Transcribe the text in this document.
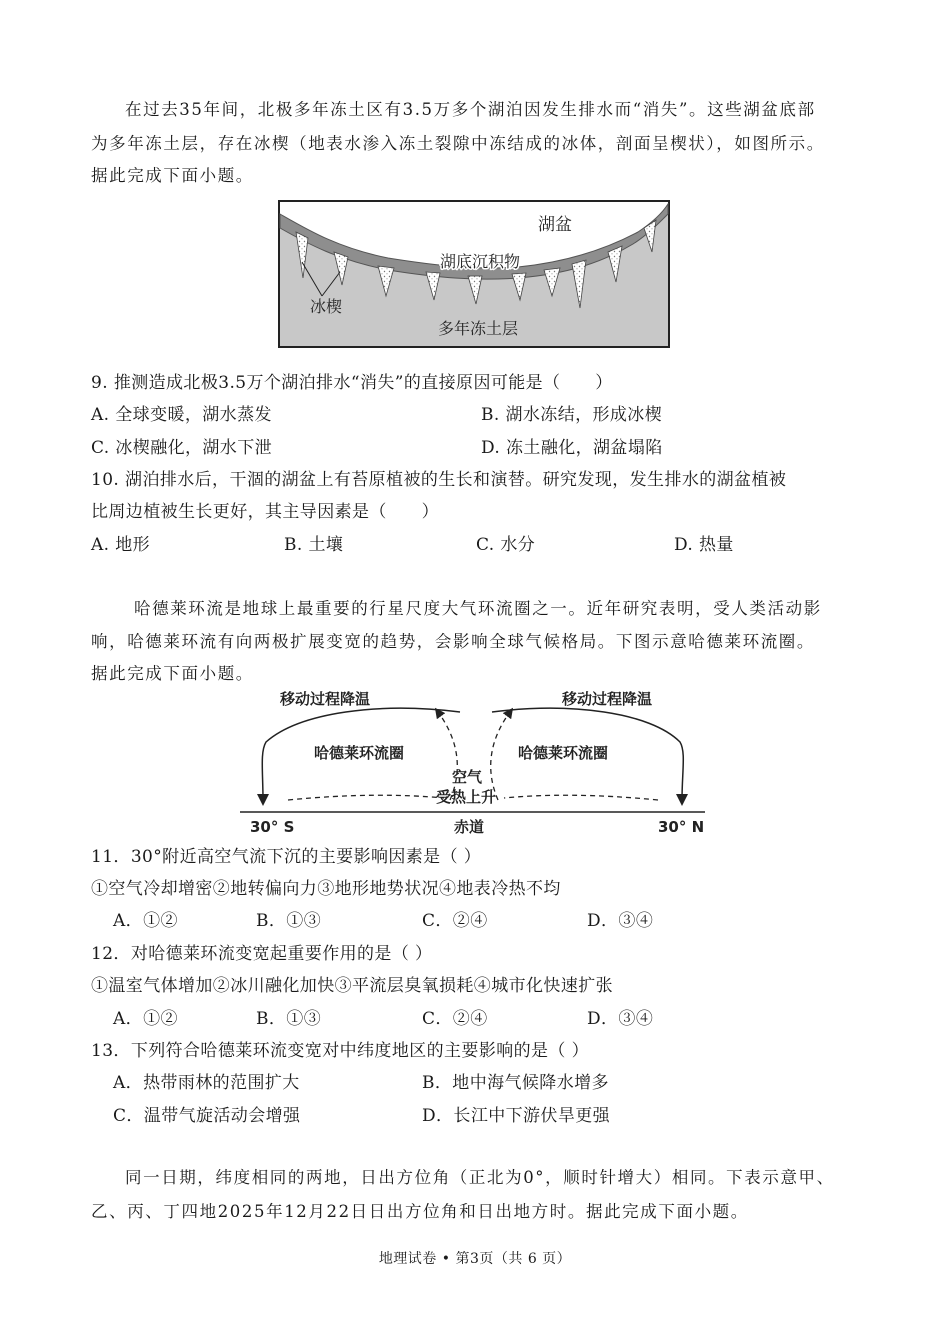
在过去35年间，北极多年冻土区有3.5万多个湖泊因发生排水而“消失”。这些湖盆底部
为多年冻土层，存在冰楔（地表水渗入冻土裂隙中冻结成的冰体，剖面呈楔状），如图所示。
据此完成下面小题。
湖盆
湖底沉积物
冰楔
多年冻土层
9. 推测造成北极3.5万个湖泊排水“消失”的直接原因可能是（　　）
A. 全球变暖，湖水蒸发	B. 湖水冻结，形成冰楔
C. 冰楔融化，湖水下泄	D. 冻土融化，湖盆塌陷
10. 湖泊排水后，干涸的湖盆上有苔原植被的生长和演替。研究发现，发生排水的湖盆植被
比周边植被生长更好，其主导因素是（　　）
A. 地形	B. 土壤	C. 水分	D. 热量
哈德莱环流是地球上最重要的行星尺度大气环流圈之一。近年研究表明，受人类活动影
响，哈德莱环流有向两极扩展变宽的趋势，会影响全球气候格局。下图示意哈德莱环流圈。
据此完成下面小题。
移动过程降温	移动过程降温
哈德莱环流圈	哈德莱环流圈
空气
受热上升
30° S	赤道	30° N
11．30°附近高空气流下沉的主要影响因素是（ ）
①空气冷却增密②地转偏向力③地形地势状况④地表冷热不均
A．①②	B．①③	C．②④	D．③④
12．对哈德莱环流变宽起重要作用的是（ ）
①温室气体增加②冰川融化加快③平流层臭氧损耗④城市化快速扩张
A．①②	B．①③	C．②④	D．③④
13．下列符合哈德莱环流变宽对中纬度地区的主要影响的是（ ）
A．热带雨林的范围扩大	B．地中海气候降水增多
C．温带气旋活动会增强	D．长江中下游伏旱更强
同一日期，纬度相同的两地，日出方位角（正北为0°，顺时针增大）相同。下表示意甲、
乙、丙、丁四地2025年12月22日日出方位角和日出地方时。据此完成下面小题。
地理试卷 • 第3页（共 6 页）
